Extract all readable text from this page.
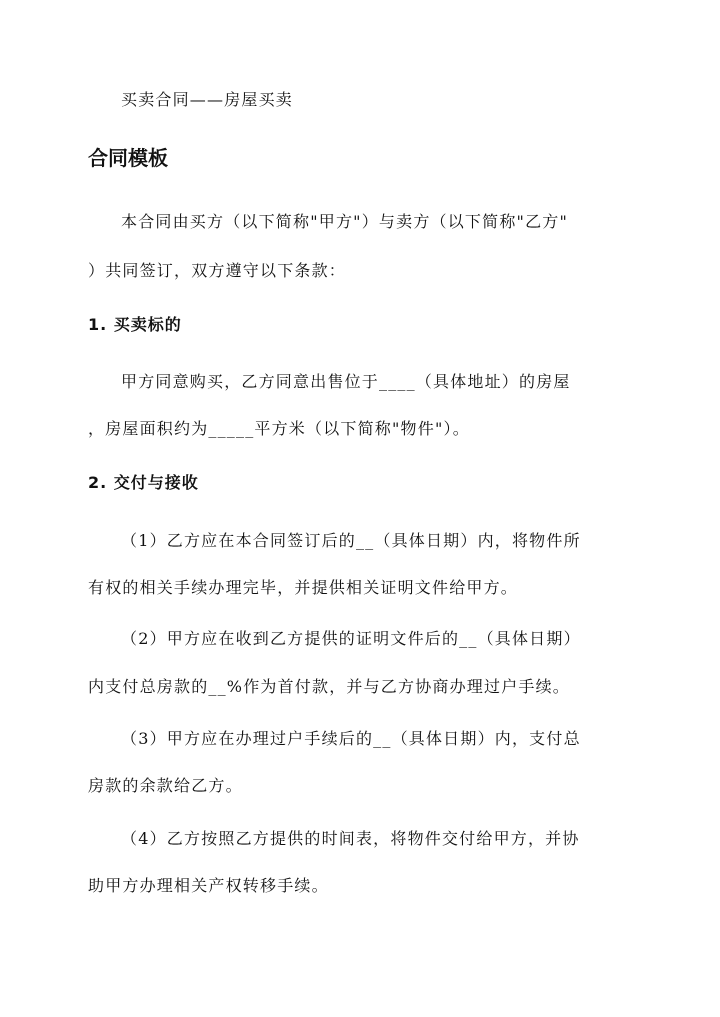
买卖合同——房屋买卖
合同模板
本合同由买方（以下简称"甲方"）与卖方（以下简称"乙方"
）共同签订，双方遵守以下条款：
1. 买卖标的
甲方同意购买，乙方同意出售位于____（具体地址）的房屋
，房屋面积约为_____平方米（以下简称"物件"）。
2. 交付与接收
（1）乙方应在本合同签订后的__（具体日期）内，将物件所
有权的相关手续办理完毕，并提供相关证明文件给甲方。
（2）甲方应在收到乙方提供的证明文件后的__（具体日期）
内支付总房款的__%作为首付款，并与乙方协商办理过户手续。
（3）甲方应在办理过户手续后的__（具体日期）内，支付总
房款的余款给乙方。
（4）乙方按照乙方提供的时间表，将物件交付给甲方，并协
助甲方办理相关产权转移手续。
